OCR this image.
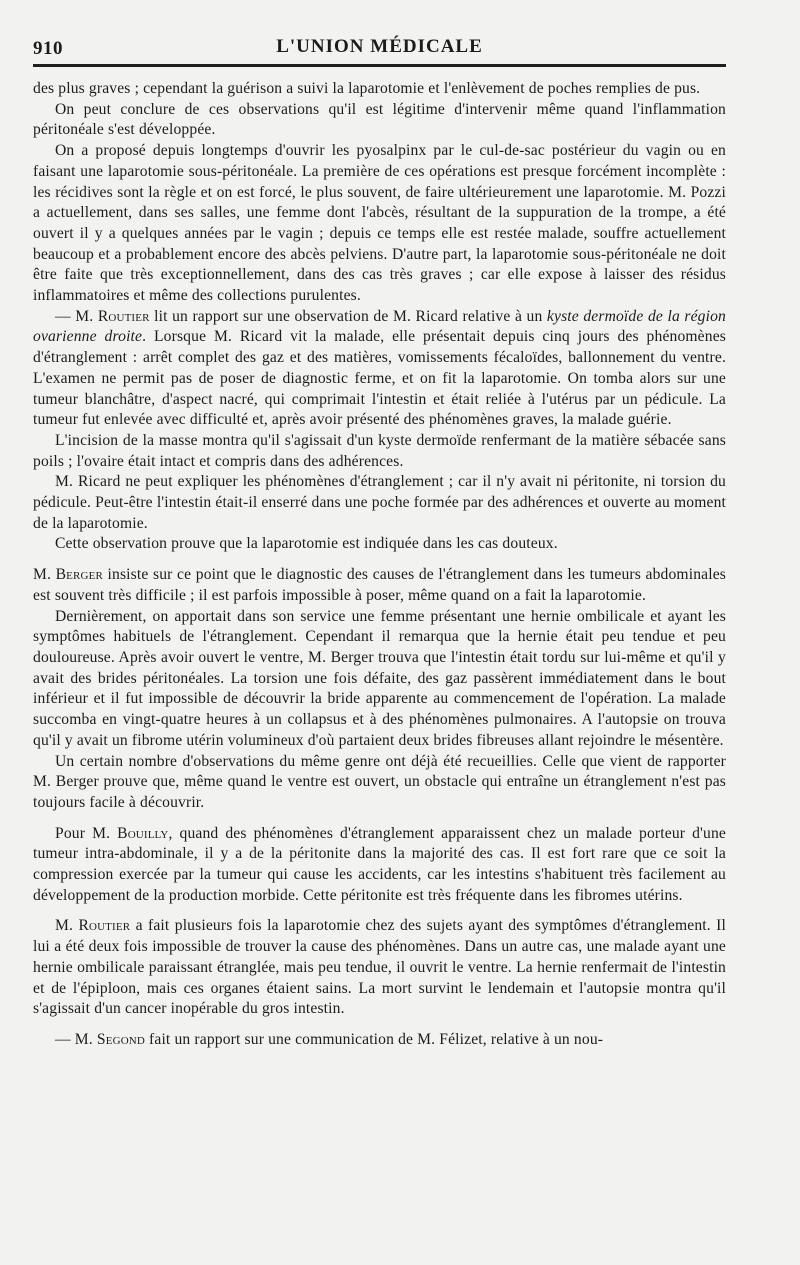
910	L'UNION MÉDICALE

des plus graves ; cependant la guérison a suivi la laparotomie et l'enlèvement de poches remplies de pus.

On peut conclure de ces observations qu'il est légitime d'intervenir même quand l'inflammation péritonéale s'est développée.

On a proposé depuis longtemps d'ouvrir les pyosalpinx par le cul-de-sac postérieur du vagin ou en faisant une laparotomie sous-péritonéale. La première de ces opérations est presque forcément incomplète : les récidives sont la règle et on est forcé, le plus souvent, de faire ultérieurement une laparotomie. M. Pozzi a actuellement, dans ses salles, une femme dont l'abcès, résultant de la suppuration de la trompe, a été ouvert il y a quelques années par le vagin ; depuis ce temps elle est restée malade, souffre actuellement beaucoup et a probablement encore des abcès pelviens. D'autre part, la laparotomie sous-péritonéale ne doit être faite que très exceptionnellement, dans des cas très graves ; car elle expose à laisser des résidus inflammatoires et même des collections purulentes.

— M. Routier lit un rapport sur une observation de M. Ricard relative à un kyste dermoïde de la région ovarienne droite. Lorsque M. Ricard vit la malade, elle présentait depuis cinq jours des phénomènes d'étranglement : arrêt complet des gaz et des matières, vomissements fécaloïdes, ballonnement du ventre. L'examen ne permit pas de poser de diagnostic ferme, et on fit la laparotomie. On tomba alors sur une tumeur blanchâtre, d'aspect nacré, qui comprimait l'intestin et était reliée à l'utérus par un pédicule. La tumeur fut enlevée avec difficulté et, après avoir présenté des phénomènes graves, la malade guérie.

L'incision de la masse montra qu'il s'agissait d'un kyste dermoïde renfermant de la matière sébacée sans poils ; l'ovaire était intact et compris dans des adhérences.

M. Ricard ne peut expliquer les phénomènes d'étranglement ; car il n'y avait ni péritonite, ni torsion du pédicule. Peut-être l'intestin était-il enserré dans une poche formée par des adhérences et ouverte au moment de la laparotomie.

Cette observation prouve que la laparotomie est indiquée dans les cas douteux.

M. Berger insiste sur ce point que le diagnostic des causes de l'étranglement dans les tumeurs abdominales est souvent très difficile ; il est parfois impossible à poser, même quand on a fait la laparotomie.

Dernièrement, on apportait dans son service une femme présentant une hernie ombilicale et ayant les symptômes habituels de l'étranglement. Cependant il remarqua que la hernie était peu tendue et peu douloureuse. Après avoir ouvert le ventre, M. Berger trouva que l'intestin était tordu sur lui-même et qu'il y avait des brides péritonéales. La torsion une fois défaite, des gaz passèrent immédiatement dans le bout inférieur et il fut impossible de découvrir la bride apparente au commencement de l'opération. La malade succomba en vingt-quatre heures à un collapsus et à des phénomènes pulmonaires. A l'autopsie on trouva qu'il y avait un fibrome utérin volumineux d'où partaient deux brides fibreuses allant rejoindre le mésentère.

Un certain nombre d'observations du même genre ont déjà été recueillies. Celle que vient de rapporter M. Berger prouve que, même quand le ventre est ouvert, un obstacle qui entraîne un étranglement n'est pas toujours facile à découvrir.

Pour M. Bouilly, quand des phénomènes d'étranglement apparaissent chez un malade porteur d'une tumeur intra-abdominale, il y a de la péritonite dans la majorité des cas. Il est fort rare que ce soit la compression exercée par la tumeur qui cause les accidents, car les intestins s'habituent très facilement au développement de la production morbide. Cette péritonite est très fréquente dans les fibromes utérins.

M. Routier a fait plusieurs fois la laparotomie chez des sujets ayant des symptômes d'étranglement. Il lui a été deux fois impossible de trouver la cause des phénomènes. Dans un autre cas, une malade ayant une hernie ombilicale paraissant étranglée, mais peu tendue, il ouvrit le ventre. La hernie renfermait de l'intestin et de l'épiploon, mais ces organes étaient sains. La mort survint le lendemain et l'autopsie montra qu'il s'agissait d'un cancer inopérable du gros intestin.

— M. Segond fait un rapport sur une communication de M. Félizet, relative à un nou-
